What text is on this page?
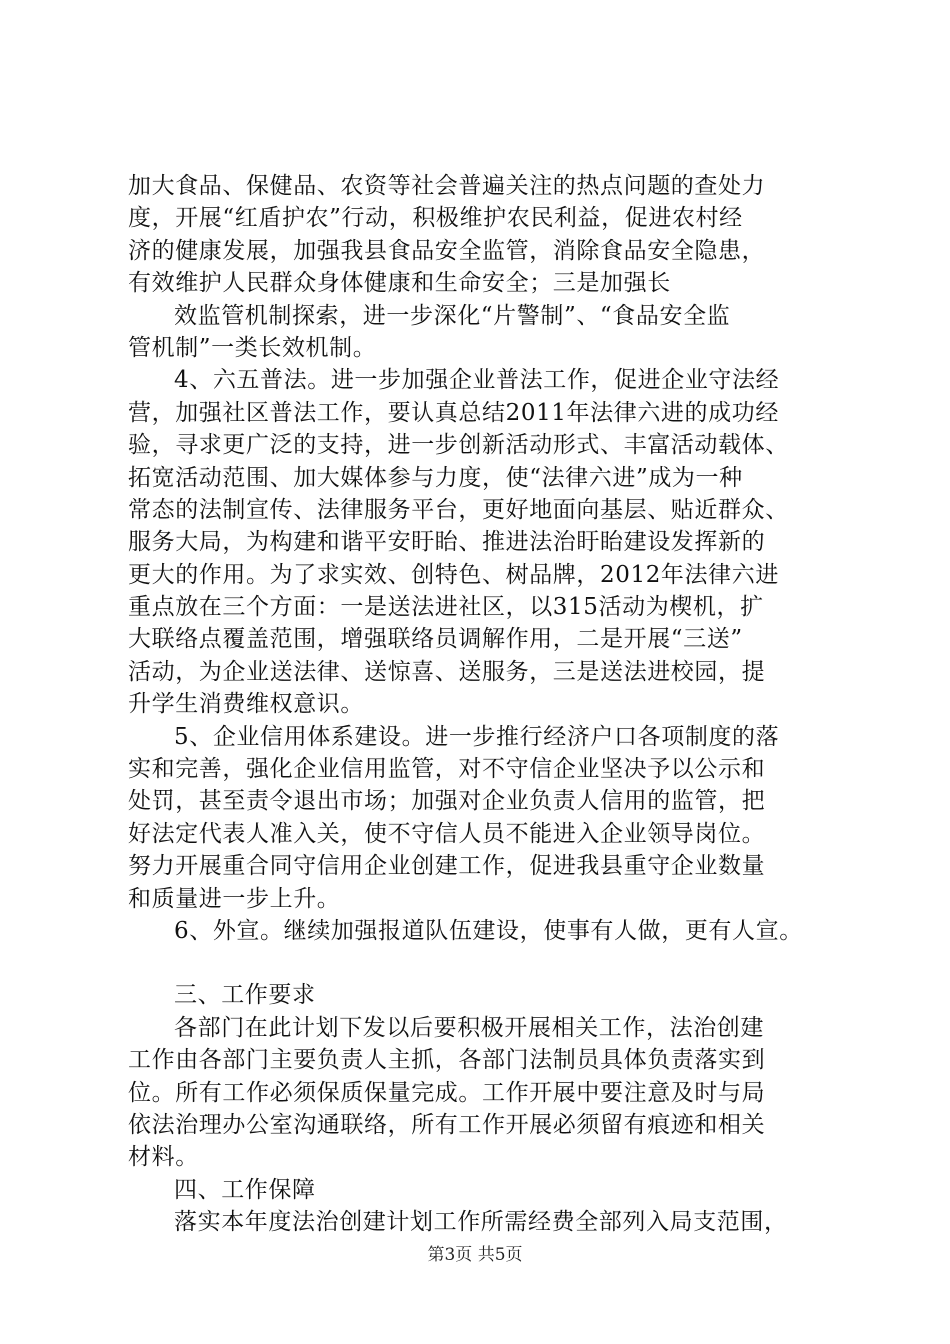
加大食品、保健品、农资等社会普遍关注的热点问题的查处力
度，开展“红盾护农”行动，积极维护农民利益，促进农村经
济的健康发展，加强我县食品安全监管，消除食品安全隐患，
有效维护人民群众身体健康和生命安全；三是加强长
效监管机制探索，进一步深化“片警制”、“食品安全监
管机制”一类长效机制。
4、六五普法。进一步加强企业普法工作，促进企业守法经
营，加强社区普法工作，要认真总结2011年法律六进的成功经
验，寻求更广泛的支持，进一步创新活动形式、丰富活动载体、
拓宽活动范围、加大媒体参与力度，使“法律六进”成为一种
常态的法制宣传、法律服务平台，更好地面向基层、贴近群众、
服务大局，为构建和谐平安盱眙、推进法治盱眙建设发挥新的
更大的作用。为了求实效、创特色、树品牌，2012年法律六进
重点放在三个方面：一是送法进社区，以315活动为楔机，扩
大联络点覆盖范围，增强联络员调解作用，二是开展“三送”
活动，为企业送法律、送惊喜、送服务，三是送法进校园，提
升学生消费维权意识。
5、企业信用体系建设。进一步推行经济户口各项制度的落
实和完善，强化企业信用监管，对不守信企业坚决予以公示和
处罚，甚至责令退出市场；加强对企业负责人信用的监管，把
好法定代表人准入关，使不守信人员不能进入企业领导岗位。
努力开展重合同守信用企业创建工作，促进我县重守企业数量
和质量进一步上升。
6、外宣。继续加强报道队伍建设，使事有人做，更有人宣。
三、工作要求
各部门在此计划下发以后要积极开展相关工作，法治创建
工作由各部门主要负责人主抓，各部门法制员具体负责落实到
位。所有工作必须保质保量完成。工作开展中要注意及时与局
依法治理办公室沟通联络，所有工作开展必须留有痕迹和相关
材料。
四、工作保障
落实本年度法治创建计划工作所需经费全部列入局支范围，
第3页 共5页
